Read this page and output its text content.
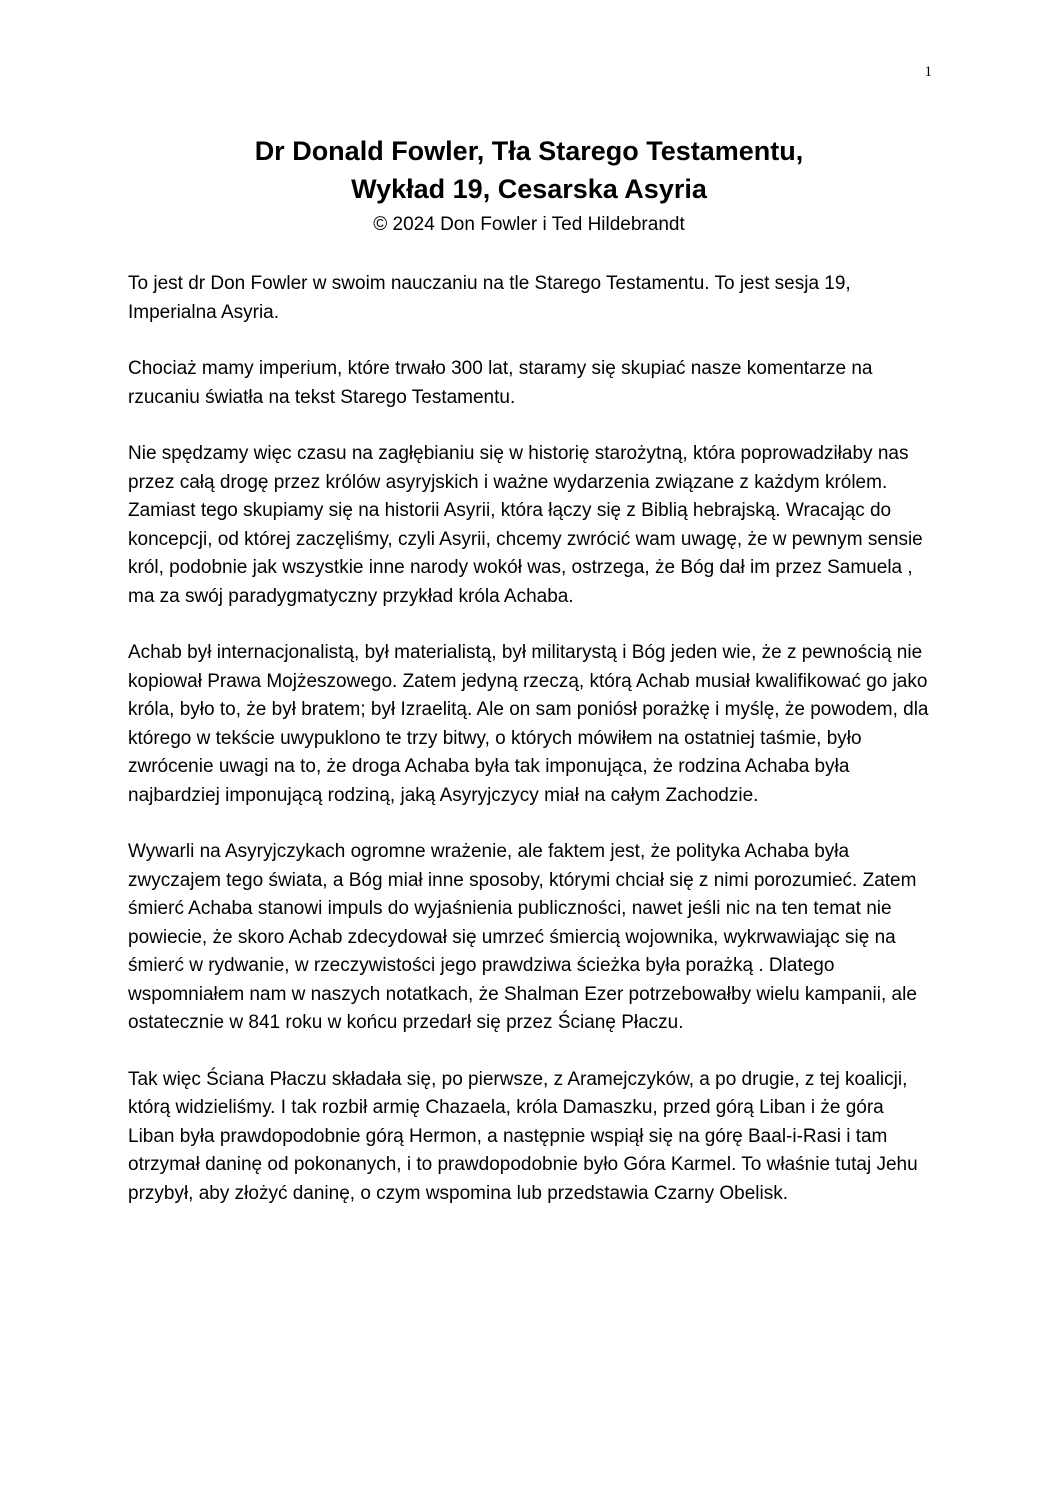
1

Dr Donald Fowler, Tła Starego Testamentu,

Wykład 19, Cesarska Asyria

© 2024 Don Fowler i Ted Hildebrandt

To jest dr Don Fowler w swoim nauczaniu na tle Starego Testamentu. To jest sesja 19, Imperialna Asyria.

Chociaż mamy imperium, które trwało 300 lat, staramy się skupiać nasze komentarze na rzucaniu światła na tekst Starego Testamentu.

Nie spędzamy więc czasu na zagłębianiu się w historię starożytną, która poprowadziłaby nas przez całą drogę przez królów asyryjskich i ważne wydarzenia związane z każdym królem. Zamiast tego skupiamy się na historii Asyrii, która łączy się z Biblią hebrajską. Wracając do koncepcji, od której zaczęliśmy, czyli Asyrii, chcemy zwrócić wam uwagę, że w pewnym sensie król, podobnie jak wszystkie inne narody wokół was, ostrzega, że Bóg dał im przez Samuela , ma za swój paradygmatyczny przykład króla Achaba.

Achab był internacjonalistą, był materialistą, był militarystą i Bóg jeden wie, że z pewnością nie kopiował Prawa Mojżeszowego. Zatem jedyną rzeczą, którą Achab musiał kwalifikować go jako króla, było to, że był bratem; był Izraelitą. Ale on sam poniósł porażkę i myślę, że powodem, dla którego w tekście uwypuklono te trzy bitwy, o których mówiłem na ostatniej taśmie, było zwrócenie uwagi na to, że droga Achaba była tak imponująca, że rodzina Achaba była najbardziej imponującą rodziną, jaką Asyryjczycy miał na całym Zachodzie.

Wywarli na Asyryjczykach ogromne wrażenie, ale faktem jest, że polityka Achaba była zwyczajem tego świata, a Bóg miał inne sposoby, którymi chciał się z nimi porozumieć. Zatem śmierć Achaba stanowi impuls do wyjaśnienia publiczności, nawet jeśli nic na ten temat nie powiecie, że skoro Achab zdecydował się umrzeć śmiercią wojownika, wykrwawiając się na śmierć w rydwanie, w rzeczywistości jego prawdziwa ścieżka była porażką . Dlatego wspomniałem nam w naszych notatkach, że Shalman Ezer potrzebowałby wielu kampanii, ale ostatecznie w 841 roku w końcu przedarł się przez Ścianę Płaczu.

Tak więc Ściana Płaczu składała się, po pierwsze, z Aramejczyków, a po drugie, z tej koalicji, którą widzieliśmy. I tak rozbił armię Chazaela, króla Damaszku, przed górą Liban i że góra Liban była prawdopodobnie górą Hermon, a następnie wspiął się na górę Baal-i-Rasi i tam otrzymał daninę od pokonanych, i to prawdopodobnie było Góra Karmel. To właśnie tutaj Jehu przybył, aby złożyć daninę, o czym wspomina lub przedstawia Czarny Obelisk.
